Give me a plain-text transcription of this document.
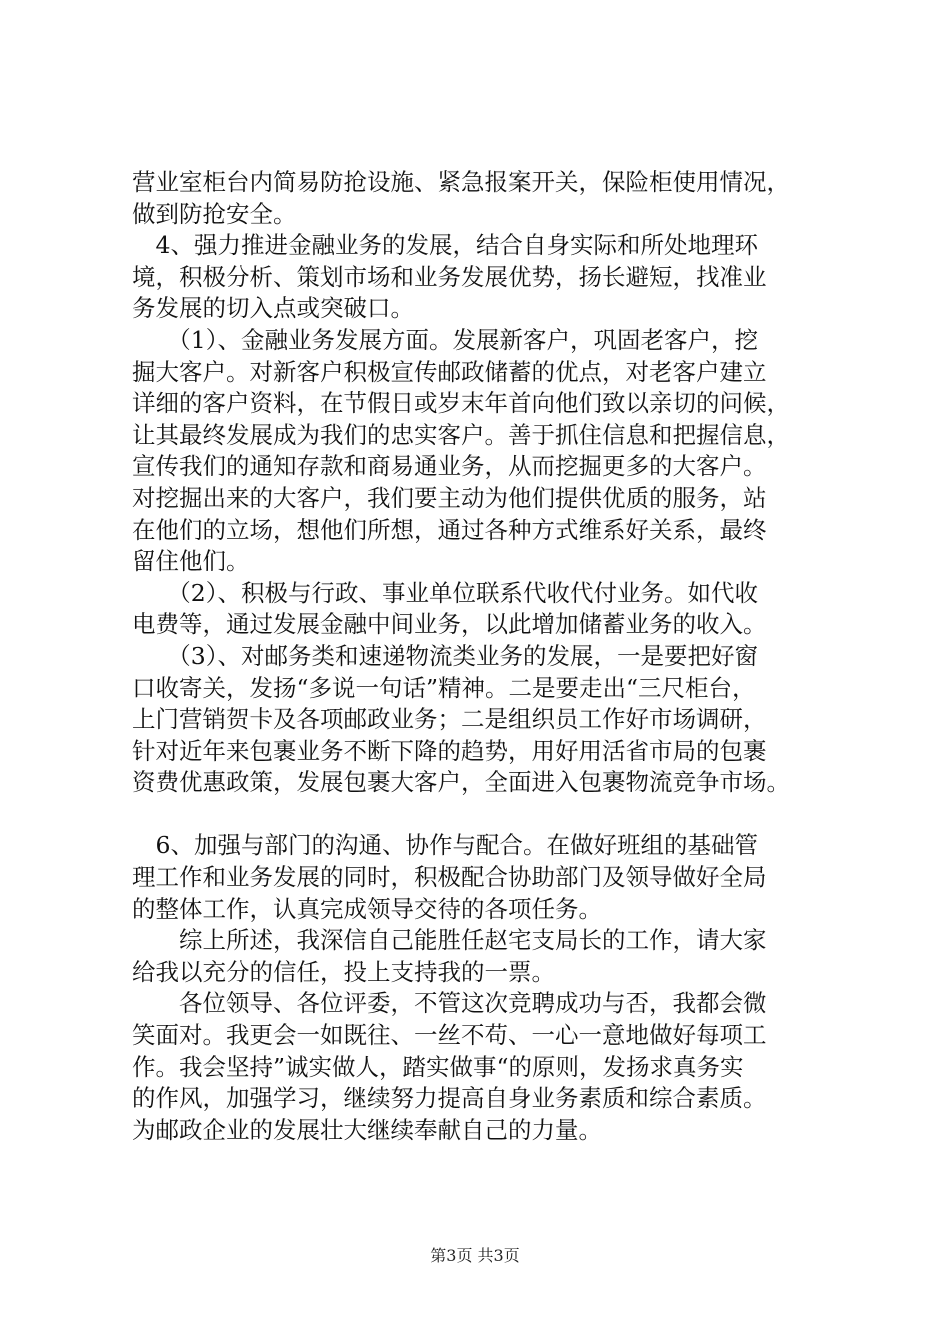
营业室柜台内简易防抢设施、紧急报案开关，保险柜使用情况，
做到防抢安全。
　4、强力推进金融业务的发展，结合自身实际和所处地理环
境，积极分析、策划市场和业务发展优势，扬长避短，找准业
务发展的切入点或突破口。
　　（1）、金融业务发展方面。发展新客户，巩固老客户，挖
掘大客户。对新客户积极宣传邮政储蓄的优点，对老客户建立
详细的客户资料，在节假日或岁末年首向他们致以亲切的问候，
让其最终发展成为我们的忠实客户。善于抓住信息和把握信息，
宣传我们的通知存款和商易通业务，从而挖掘更多的大客户。
对挖掘出来的大客户，我们要主动为他们提供优质的服务，站
在他们的立场，想他们所想，通过各种方式维系好关系，最终
留住他们。
　　（2）、积极与行政、事业单位联系代收代付业务。如代收
电费等，通过发展金融中间业务，以此增加储蓄业务的收入。
　　（3）、对邮务类和速递物流类业务的发展，一是要把好窗
口收寄关，发扬“多说一句话”精神。二是要走出“三尺柜台，
上门营销贺卡及各项邮政业务；二是组织员工作好市场调研，
针对近年来包裹业务不断下降的趋势，用好用活省市局的包裹
资费优惠政策，发展包裹大客户，全面进入包裹物流竞争市场。
　6、加强与部门的沟通、协作与配合。在做好班组的基础管
理工作和业务发展的同时，积极配合协助部门及领导做好全局
的整体工作，认真完成领导交待的各项任务。
　　综上所述，我深信自己能胜任赵宅支局长的工作，请大家
给我以充分的信任，投上支持我的一票。
　　各位领导、各位评委，不管这次竞聘成功与否，我都会微
笑面对。我更会一如既往、一丝不苟、一心一意地做好每项工
作。我会坚持”诚实做人，踏实做事“的原则，发扬求真务实
的作风，加强学习，继续努力提高自身业务素质和综合素质。
为邮政企业的发展壮大继续奉献自己的力量。
第3页 共3页
